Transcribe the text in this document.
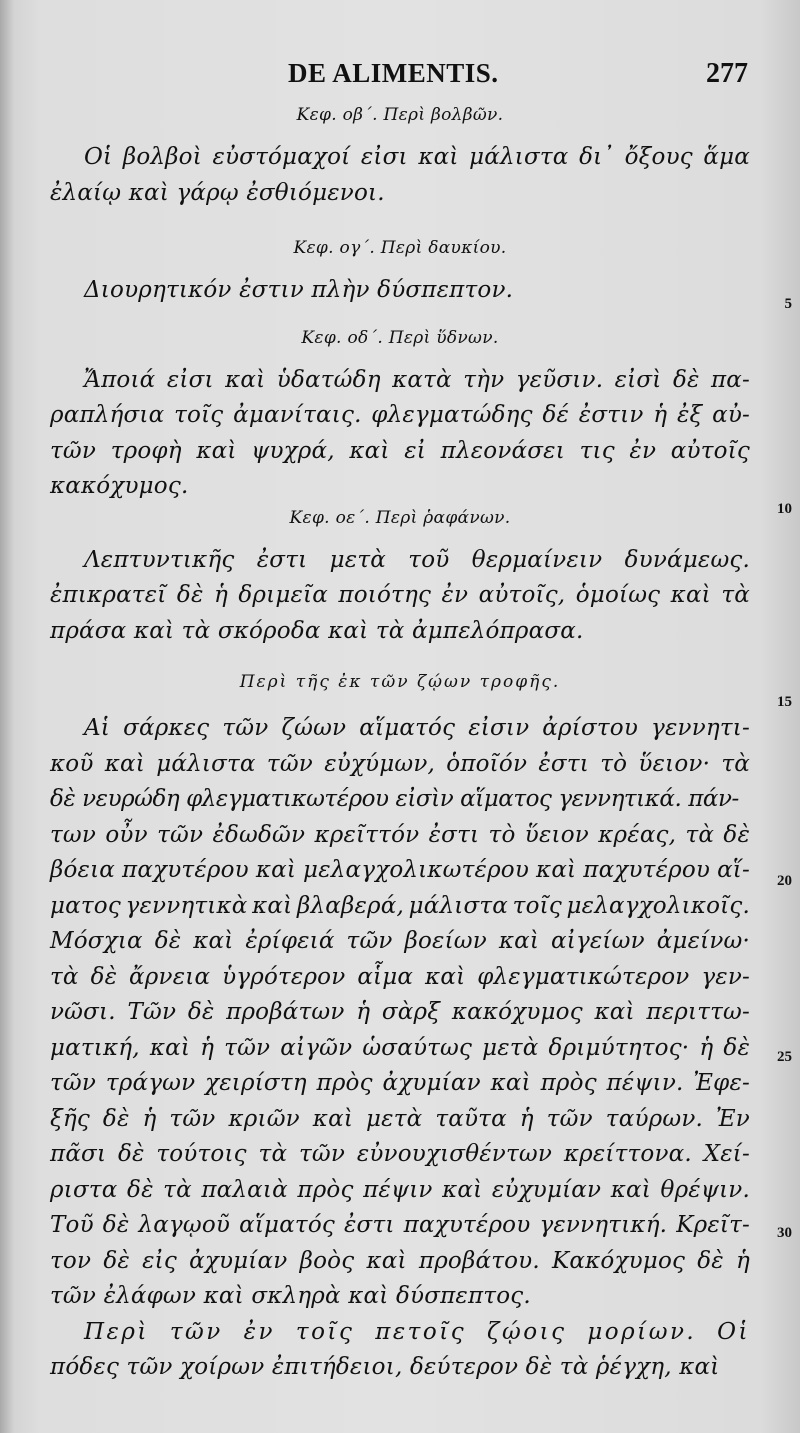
DE ALIMENTIS.	277
Κεφ. οβ΄. Περὶ βολβῶν.
Οἱ βολβοὶ εὐστόμαχοί εἰσι καὶ μάλιστα δι᾽ ὄξους ἅμα
ἐλαίῳ καὶ γάρῳ ἐσθιόμενοι.
Κεφ. ογ΄. Περὶ δαυκίου.
Διουρητικόν ἐστιν πλὴν δύσπεπτον.
Κεφ. οδ΄. Περὶ ὕδνων.
Ἄποιά εἰσι καὶ ὑδατώδη κατὰ τὴν γεῦσιν. εἰσὶ δὲ πα-
ραπλήσια τοῖς ἀμανίταις. φλεγματώδης δέ ἐστιν ἡ ἐξ αὐ-
τῶν τροφὴ καὶ ψυχρά, καὶ εἰ πλεονάσει τις ἐν αὐτοῖς
κακόχυμος.
Κεφ. οε΄. Περὶ ῥαφάνων.
Λεπτυντικῆς ἐστι μετὰ τοῦ θερμαίνειν δυνάμεως.
ἐπικρατεῖ δὲ ἡ δριμεῖα ποιότης ἐν αὐτοῖς, ὁμοίως καὶ τὰ
πράσα καὶ τὰ σκόροδα καὶ τὰ ἀμπελόπρασα.
Περὶ τῆς ἐκ τῶν ζῴων τροφῆς.
Αἱ σάρκες τῶν ζώων αἵματός εἰσιν ἀρίστου γεννητι-
κοῦ καὶ μάλιστα τῶν εὐχύμων, ὁποῖόν ἐστι τὸ ὕειον· τὰ
δὲ νευρώδη φλεγματικωτέρου εἰσὶν αἵματος γεννητικά. πάν-
των οὖν τῶν ἐδωδῶν κρεῖττόν ἐστι τὸ ὕειον κρέας, τὰ δὲ
βόεια παχυτέρου καὶ μελαγχολικωτέρου καὶ παχυτέρου αἵ-
ματος γεννητικὰ καὶ βλαβερά, μάλιστα τοῖς μελαγχολικοῖς.
Μόσχια δὲ καὶ ἐρίφειά τῶν βοείων καὶ αἰγείων ἀμείνω·
τὰ δὲ ἄρνεια ὑγρότερον αἷμα καὶ φλεγματικώτερον γεν-
νῶσι. Τῶν δὲ προβάτων ἡ σὰρξ κακόχυμος καὶ περιττω-
ματική, καὶ ἡ τῶν αἰγῶν ὡσαύτως μετὰ δριμύτητος· ἡ δὲ
τῶν τράγων χειρίστη πρὸς ἀχυμίαν καὶ πρὸς πέψιν. Ἐφε-
ξῆς δὲ ἡ τῶν κριῶν καὶ μετὰ ταῦτα ἡ τῶν ταύρων. Ἐν
πᾶσι δὲ τούτοις τὰ τῶν εὐνουχισθέντων κρείττονα. Χεί-
ριστα δὲ τὰ παλαιὰ πρὸς πέψιν καὶ εὐχυμίαν καὶ θρέψιν.
Τοῦ δὲ λαγῳοῦ αἵματός ἐστι παχυτέρου γεννητική. Κρεῖτ-
τον δὲ εἰς ἀχυμίαν βοὸς καὶ προβάτου. Κακόχυμος δὲ ἡ
τῶν ἐλάφων καὶ σκληρὰ καὶ δύσπεπτος.
Περὶ τῶν ἐν τοῖς πετοῖς ζῴοις μορίων. Οἱ
πόδες τῶν χοίρων ἐπιτήδειοι, δεύτερον δὲ τὰ ῥέγχη, καὶ
5
10
15
20
25
30
